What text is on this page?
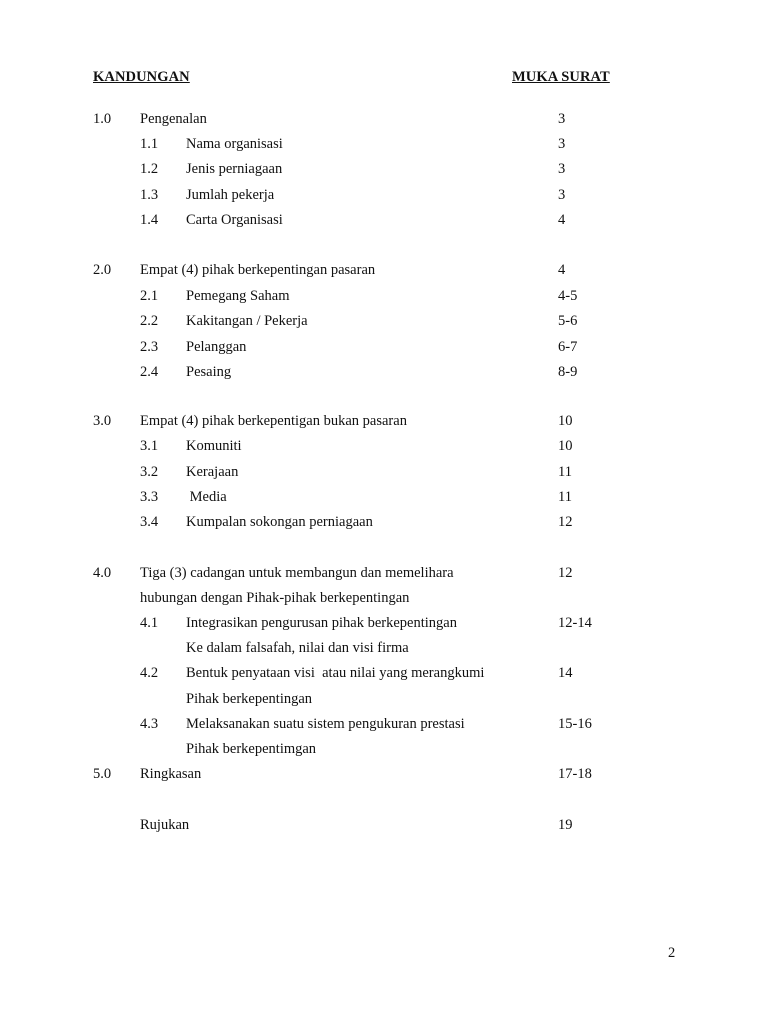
KANDUNGAN	MUKA SURAT
1.0 Pengenalan	3
1.1 Nama organisasi	3
1.2 Jenis perniagaan	3
1.3 Jumlah pekerja	3
1.4 Carta Organisasi	4
2.0 Empat (4) pihak berkepentingan pasaran	4
2.1 Pemegang Saham	4-5
2.2 Kakitangan / Pekerja	5-6
2.3 Pelanggan	6-7
2.4 Pesaing	8-9
3.0 Empat (4) pihak berkepentigan bukan pasaran	10
3.1 Komuniti	10
3.2 Kerajaan	11
3.3 Media	11
3.4 Kumpalan sokongan perniagaan	12
4.0 Tiga (3) cadangan untuk membangun dan memelihara	12
hubungan dengan Pihak-pihak berkepentingan
4.1 Integrasikan pengurusan pihak berkepentingan	12-14
Ke dalam falsafah, nilai dan visi firma
4.2 Bentuk penyataan visi  atau nilai yang merangkumi	14
Pihak berkepentingan
4.3 Melaksanakan suatu sistem pengukuran prestasi	15-16
Pihak berkepentimgan
5.0 Ringkasan	17-18
Rujukan	19
2
